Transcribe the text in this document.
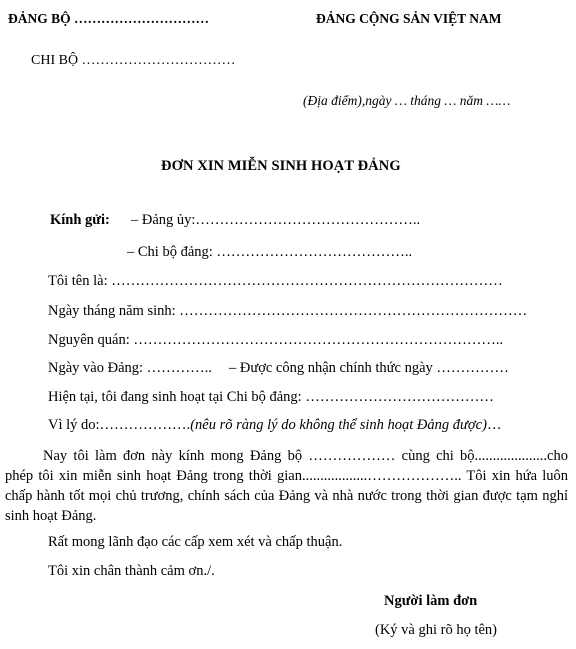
ĐẢNG BỘ …………………………	ĐẢNG CỘNG SẢN VIỆT NAM
CHI BỘ ……………………………
(Địa điểm),ngày … tháng … năm ……
ĐƠN XIN MIỄN SINH HOẠT ĐẢNG
Kính gửi: – Đảng ủy:………………………………………..
– Chi bộ đảng: …………………………………..
Tôi tên là: ………………………………………………………………………
Ngày tháng năm sinh: ………………………………………………………………
Nguyên quán: …………………………………………………………………..
Ngày vào Đảng: ………….. – Được công nhận chính thức ngày ……………
Hiện tại, tôi đang sinh hoạt tại Chi bộ đảng: …………………………………
Vì lý do:……………….(nêu rõ ràng lý do không thể sinh hoạt Đảng được)…
Nay tôi làm đơn này kính mong Đảng bộ ……………… cùng chi bộ....................cho phép tôi xin miễn sinh hoạt Đảng trong thời gian..................……………….. Tôi xin hứa luôn chấp hành tốt mọi chủ trương, chính sách của Đảng và nhà nước trong thời gian được tạm nghỉ sinh hoạt Đảng.
Rất mong lãnh đạo các cấp xem xét và chấp thuận.
Tôi xin chân thành cảm ơn./.
Người làm đơn
(Ký và ghi rõ họ tên)
